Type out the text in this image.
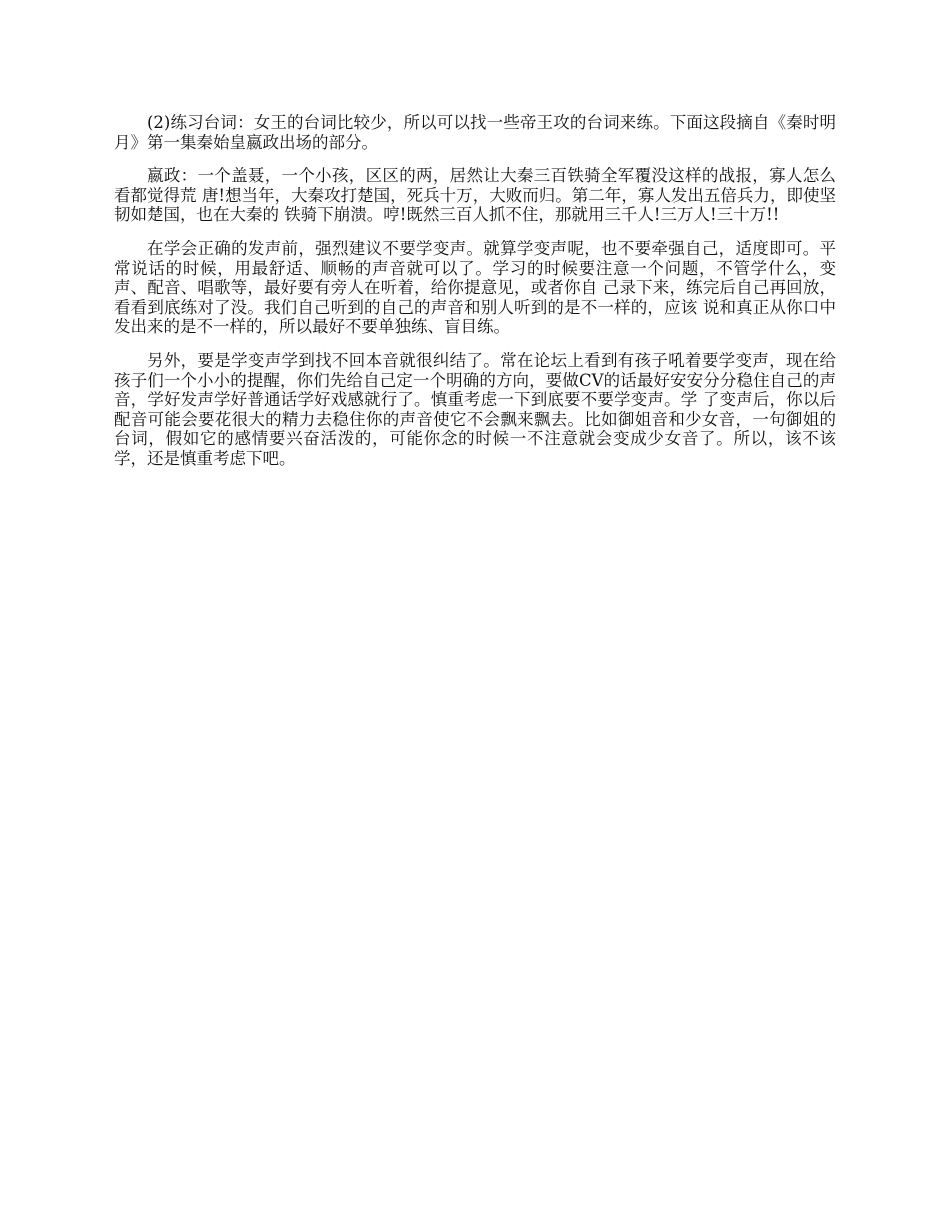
(2)练习台词：女王的台词比较少，所以可以找一些帝王攻的台词来练。下面这段摘自《秦时明月》第一集秦始皇嬴政出场的部分。

嬴政：一个盖聂，一个小孩，区区的两，居然让大秦三百铁骑全军覆没这样的战报，寡人怎么看都觉得荒 唐!想当年，大秦攻打楚国，死兵十万，大败而归。第二年，寡人发出五倍兵力，即使坚韧如楚国，也在大秦的 铁骑下崩溃。哼!既然三百人抓不住，那就用三千人!三万人!三十万!!

在学会正确的发声前，强烈建议不要学变声。就算学变声呢，也不要牵强自己，适度即可。平常说话的时候，用最舒适、顺畅的声音就可以了。学习的时候要注意一个问题，不管学什么，变声、配音、唱歌等，最好要有旁人在听着，给你提意见，或者你自 己录下来，练完后自己再回放，看看到底练对了没。我们自己听到的自己的声音和别人听到的是不一样的，应该 说和真正从你口中发出来的是不一样的，所以最好不要单独练、盲目练。

另外，要是学变声学到找不回本音就很纠结了。常在论坛上看到有孩子吼着要学变声，现在给孩子们一个小小的提醒，你们先给自己定一个明确的方向，要做CV的话最好安安分分稳住自己的声音，学好发声学好普通话学好戏感就行了。慎重考虑一下到底要不要学变声。学 了变声后，你以后配音可能会要花很大的精力去稳住你的声音使它不会飘来飘去。比如御姐音和少女音，一句御姐的台词，假如它的感情要兴奋活泼的，可能你念的时候一不注意就会变成少女音了。所以，该不该学，还是慎重考虑下吧。
